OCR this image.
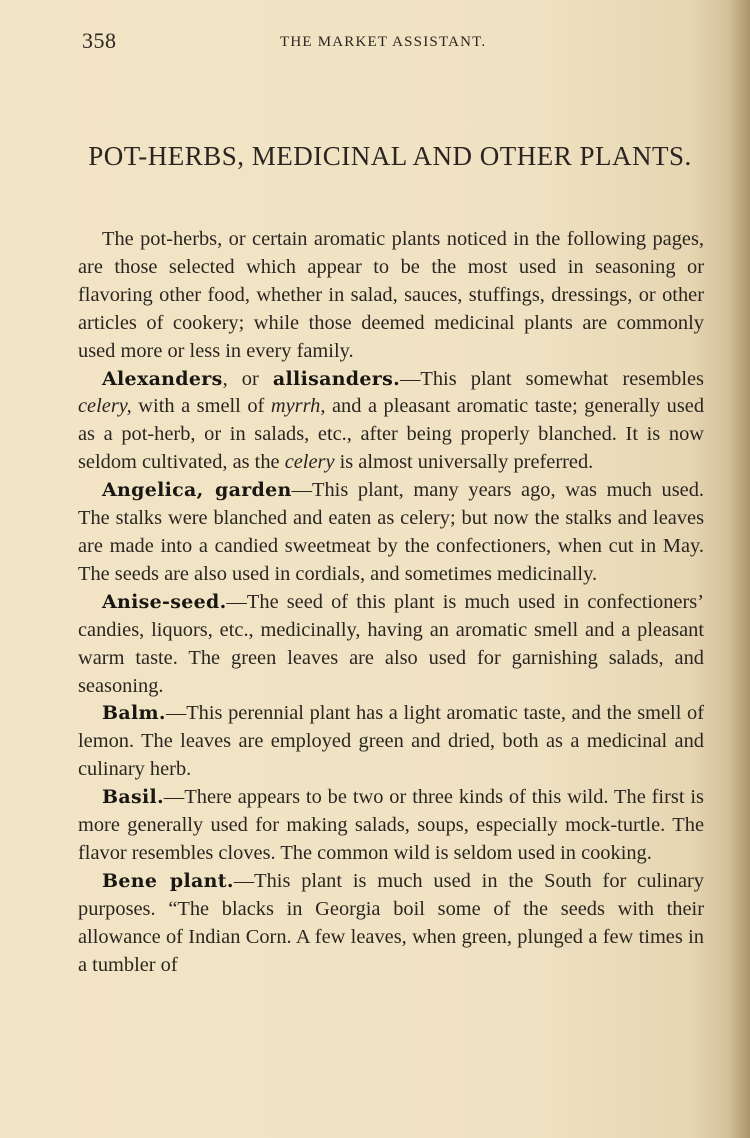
358	THE MARKET ASSISTANT.
POT-HERBS, MEDICINAL AND OTHER PLANTS.

The pot-herbs, or certain aromatic plants noticed in the following pages, are those selected which appear to be the most used in seasoning or flavoring other food, whether in salad, sauces, stuffings, dressings, or other articles of cookery; while those deemed medicinal plants are commonly used more or less in every family.

Alexanders, or allisanders.—This plant somewhat resembles celery, with a smell of myrrh, and a pleasant aromatic taste; generally used as a pot-herb, or in salads, etc., after being properly blanched. It is now seldom cultivated, as the celery is almost universally preferred.

Angelica, garden—This plant, many years ago, was much used. The stalks were blanched and eaten as celery; but now the stalks and leaves are made into a candied sweetmeat by the confectioners, when cut in May. The seeds are also used in cordials, and sometimes medicinally.

Anise-seed.—The seed of this plant is much used in confectioners’ candies, liquors, etc., medicinally, having an aromatic smell and a pleasant warm taste. The green leaves are also used for garnishing salads, and seasoning.

Balm.—This perennial plant has a light aromatic taste, and the smell of lemon. The leaves are employed green and dried, both as a medicinal and culinary herb.

Basil.—There appears to be two or three kinds of this wild. The first is more generally used for making salads, soups, especially mock-turtle. The flavor resembles cloves. The common wild is seldom used in cooking.

Bene plant.—This plant is much used in the South for culinary purposes. “The blacks in Georgia boil some of the seeds with their allowance of Indian Corn. A few leaves, when green, plunged a few times in a tumbler of
